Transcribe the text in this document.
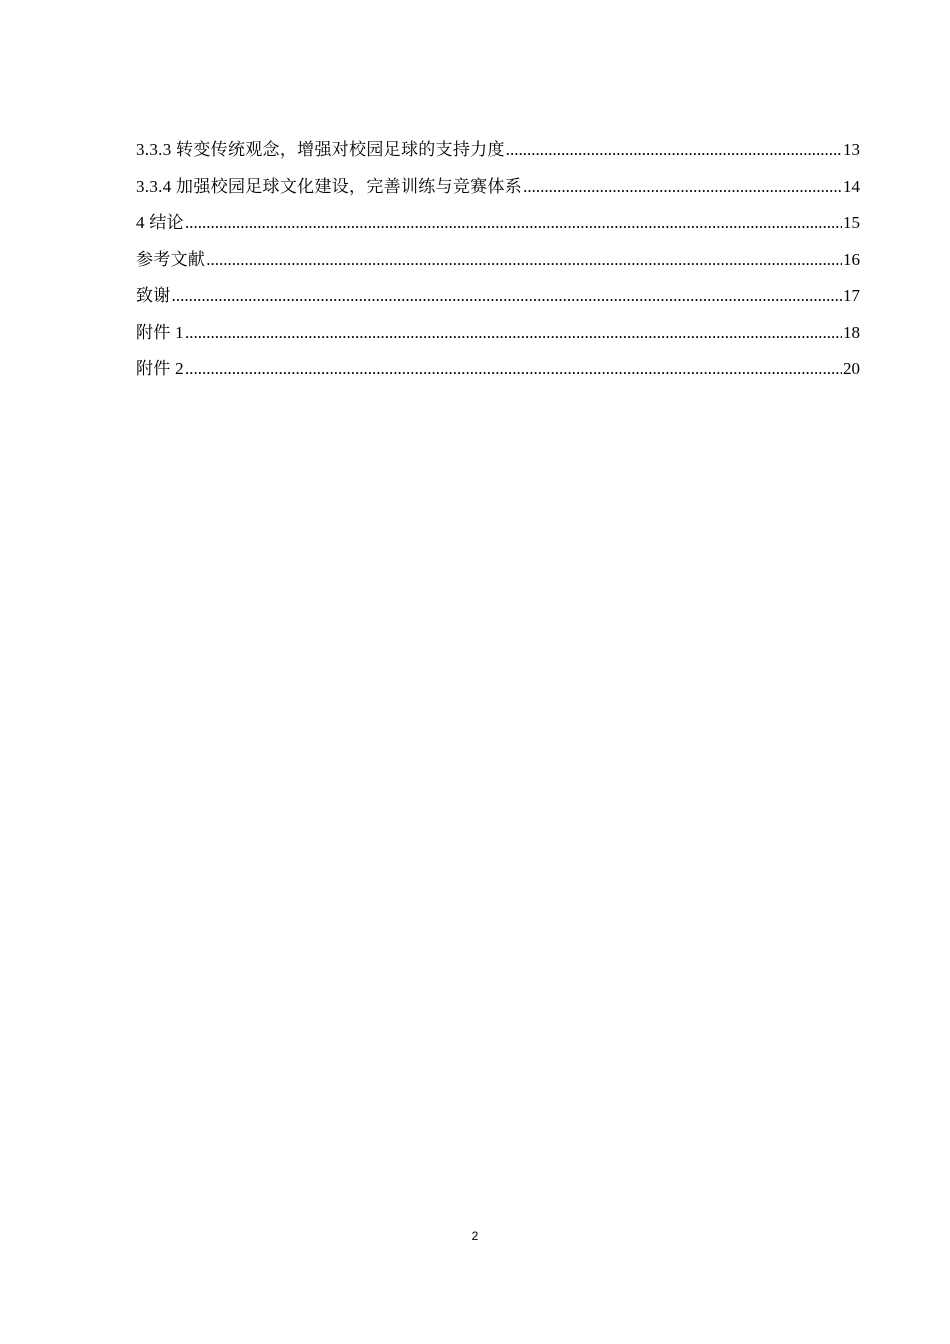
3.3.3 转变传统观念，增强对校园足球的支持力度 .....	13
3.3.4 加强校园足球文化建设，完善训练与竞赛体系 .....	14
4 结论 .....	15
参考文献 .....	16
致谢 .....	17
附件 1 .....	18
附件 2 .....	20
2
